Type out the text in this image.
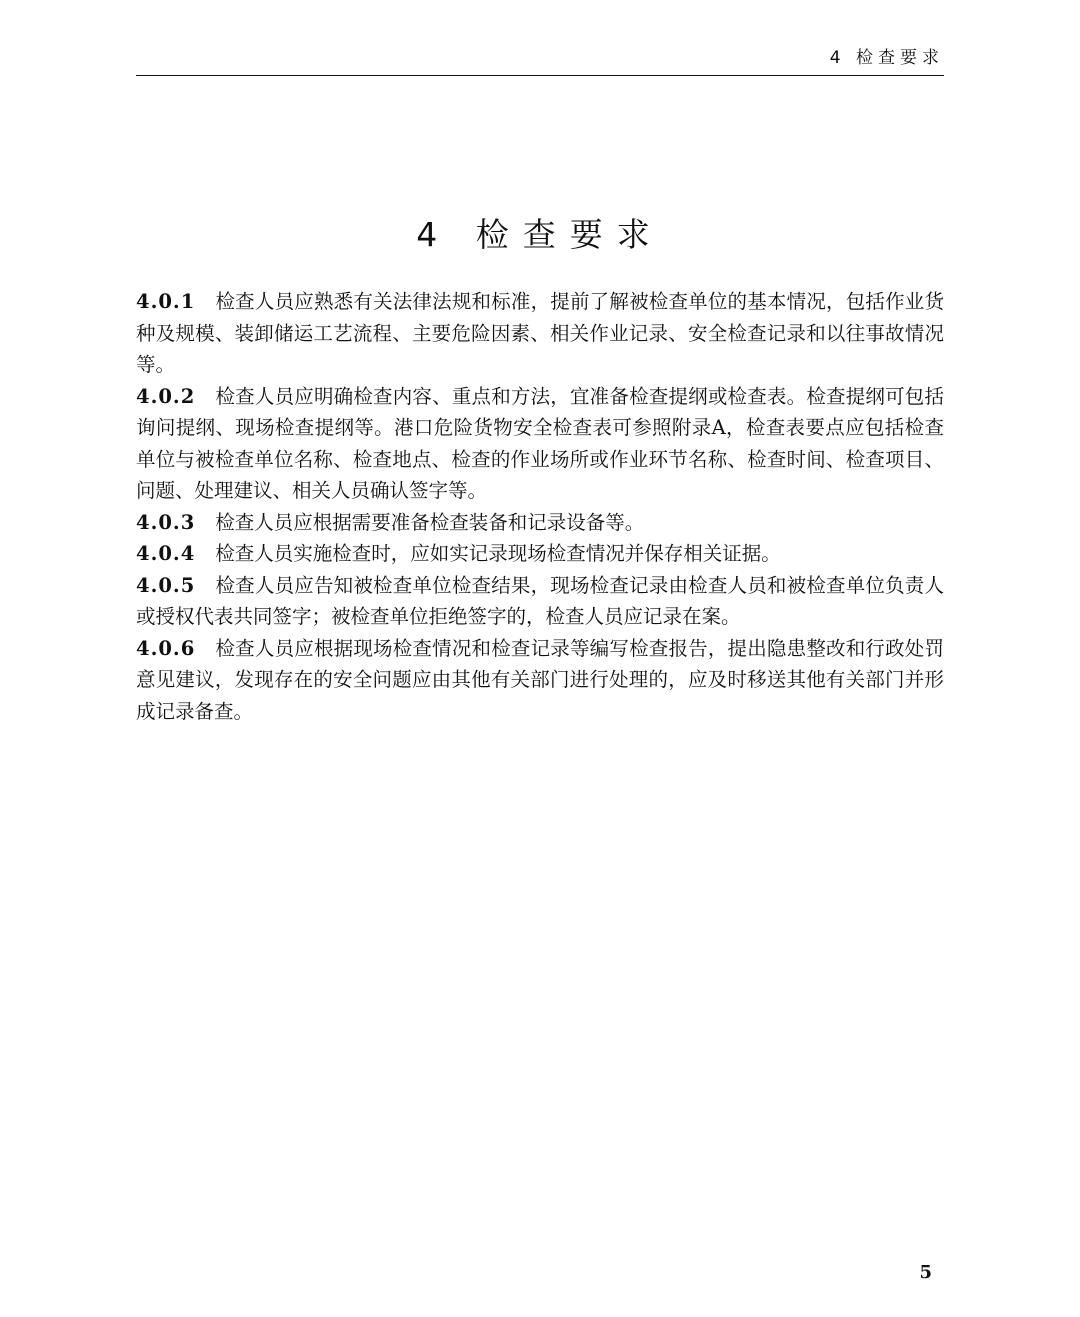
4 检查要求
4 检查要求

4.0.1 检查人员应熟悉有关法律法规和标准，提前了解被检查单位的基本情况，包括作业货种及规模、装卸储运工艺流程、主要危险因素、相关作业记录、安全检查记录和以往事故情况等。

4.0.2 检查人员应明确检查内容、重点和方法，宜准备检查提纲或检查表。检查提纲可包括询问提纲、现场检查提纲等。港口危险货物安全检查表可参照附录A，检查表要点应包括检查单位与被检查单位名称、检查地点、检查的作业场所或作业环节名称、检查时间、检查项目、问题、处理建议、相关人员确认签字等。

4.0.3 检查人员应根据需要准备检查装备和记录设备等。

4.0.4 检查人员实施检查时，应如实记录现场检查情况并保存相关证据。

4.0.5 检查人员应告知被检查单位检查结果，现场检查记录由检查人员和被检查单位负责人或授权代表共同签字；被检查单位拒绝签字的，检查人员应记录在案。

4.0.6 检查人员应根据现场检查情况和检查记录等编写检查报告，提出隐患整改和行政处罚意见建议，发现存在的安全问题应由其他有关部门进行处理的，应及时移送其他有关部门并形成记录备查。

5
